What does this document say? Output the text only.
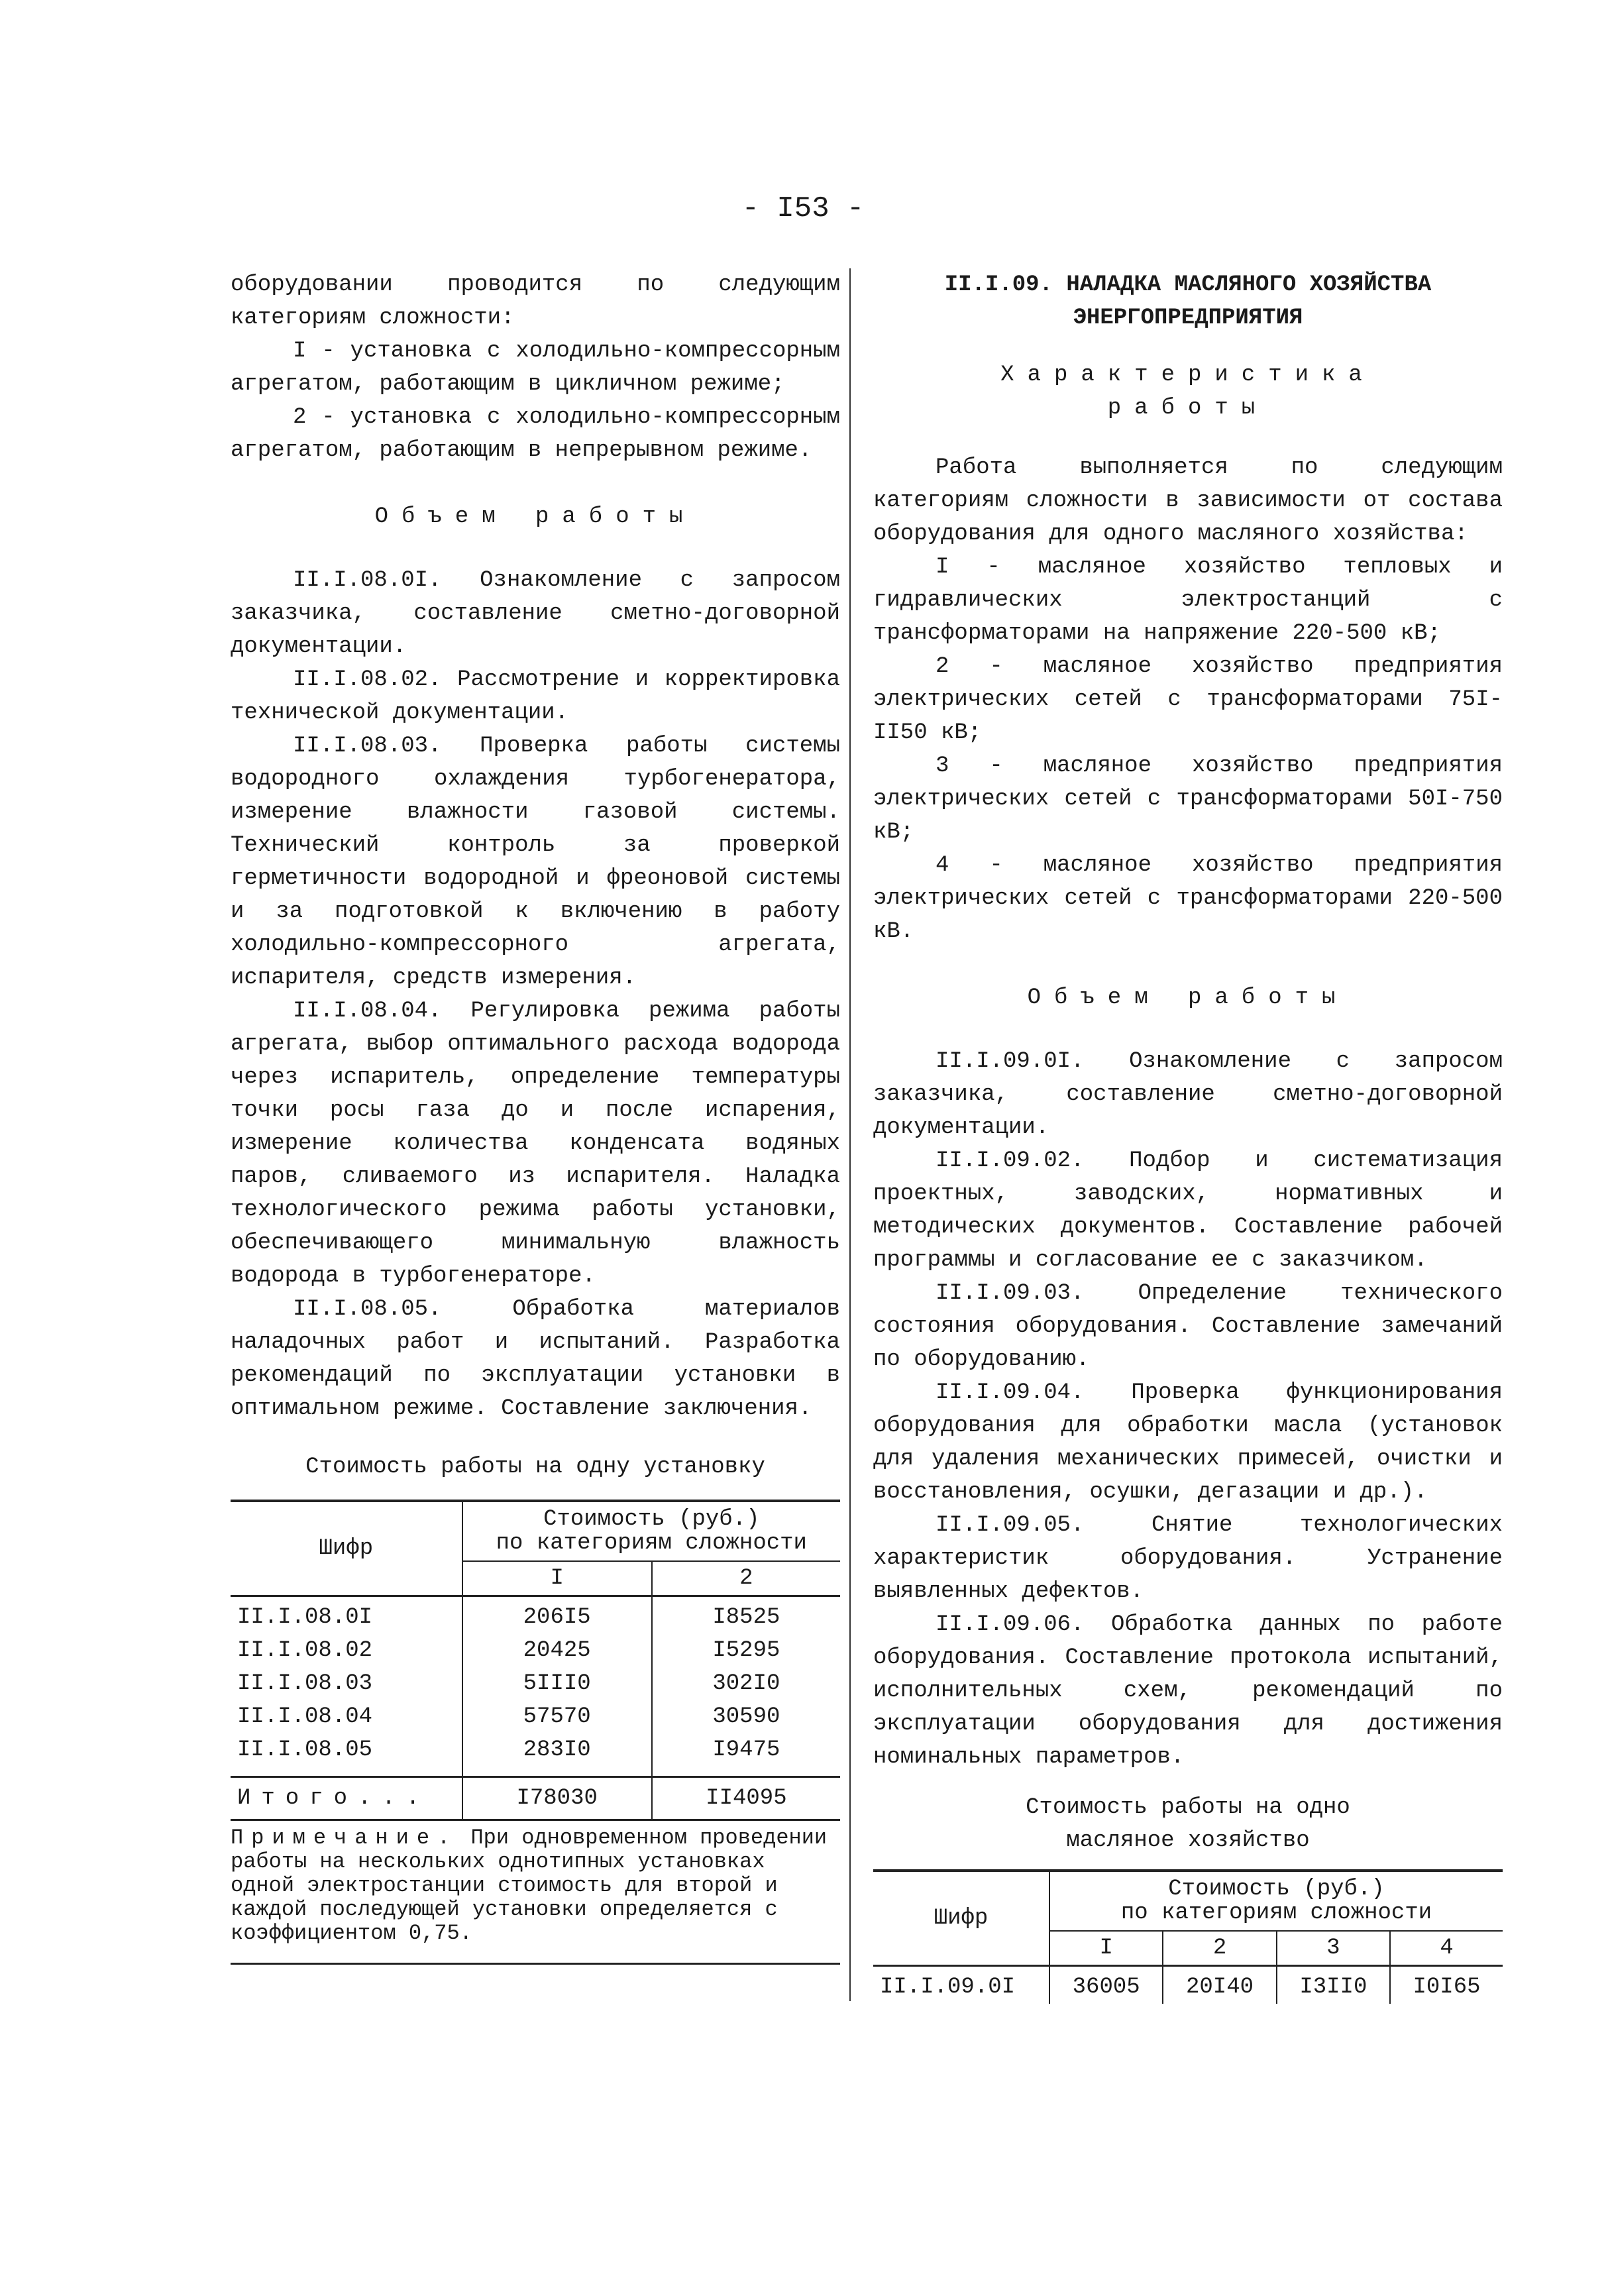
- I53 -

оборудовании проводится по следующим категориям сложности:

I - установка с холодильно-компрессорным агрегатом, работающим в цикличном режиме;

2 - установка с холодильно-компрессорным агрегатом, работающим в непрерывном режиме.

Объем работы

II.I.08.0I. Ознакомление с запросом заказчика, составление сметно-договорной документации.

II.I.08.02. Рассмотрение и корректировка технической документации.

II.I.08.03. Проверка работы системы водородного охлаждения турбогенератора, измерение влажности газовой системы. Технический контроль за проверкой герметичности водородной и фреоновой системы и за подготовкой к включению в работу холодильно-компрессорного агрегата, испарителя, средств измерения.

II.I.08.04. Регулировка режима работы агрегата, выбор оптимального расхода водорода через испаритель, определение температуры точки росы газа до и после испарения, измерение количества конденсата водяных паров, сливаемого из испарителя. Наладка технологического режима работы установки, обеспечивающего минимальную влажность водорода в турбогенераторе.

II.I.08.05. Обработка материалов наладочных работ и испытаний. Разработка рекомендаций по эксплуатации установки в оптимальном режиме. Составление заключения.

Стоимость работы на одну установку
Шифр	Стоимость (руб.)
по категориям сложности	

	I	2
II.I.08.0I	206I5	I8525
II.I.08.02	20425	I5295
II.I.08.03	5III0	302I0
II.I.08.04	57570	30590
II.I.08.05	283I0	I9475
Итого...	I78030	II4095
Примечание. При одновременном проведении работы на нескольких однотипных установках одной электростанции стоимость для второй и каждой последующей установки определяется с коэффициентом 0,75.
II.I.09. НАЛАДКА МАСЛЯНОГО ХОЗЯЙСТВА
ЭНЕРГОПРЕДПРИЯТИЯ
Характеристика
работы

Работа выполняется по следующим категориям сложности в зависимости от состава оборудования для одного масляного хозяйства:

I - масляное хозяйство тепловых и гидравлических электростанций с трансформаторами на напряжение 220-500 кВ;

2 - масляное хозяйство предприятия электрических сетей с трансформаторами 75I-II50 кВ;

3 - масляное хозяйство предприятия электрических сетей с трансформаторами 50I-750 кВ;

4 - масляное хозяйство предприятия электрических сетей с трансформаторами 220-500 кВ.

Объем работы

II.I.09.0I. Ознакомление с запросом заказчика, составление сметно-договорной документации.

II.I.09.02. Подбор и систематизация проектных, заводских, нормативных и методических документов. Составление рабочей программы и согласование ее с заказчиком.

II.I.09.03. Определение технического состояния оборудования. Составление замечаний по оборудованию.

II.I.09.04. Проверка функционирования оборудования для обработки масла (установок для удаления механических примесей, очистки и восстановления, осушки, дегазации и др.).

II.I.09.05. Снятие технологических характеристик оборудования. Устранение выявленных дефектов.

II.I.09.06. Обработка данных по работе оборудования. Составление протокола испытаний, исполнительных схем, рекомендаций по эксплуатации оборудования для достижения номинальных параметров.

Стоимость работы на одно
масляное хозяйство
Шифр	Стоимость (руб.)
по категориям сложности			

	I	2	3	4
II.I.09.0I	36005	20I40	I3II0	I0I65
